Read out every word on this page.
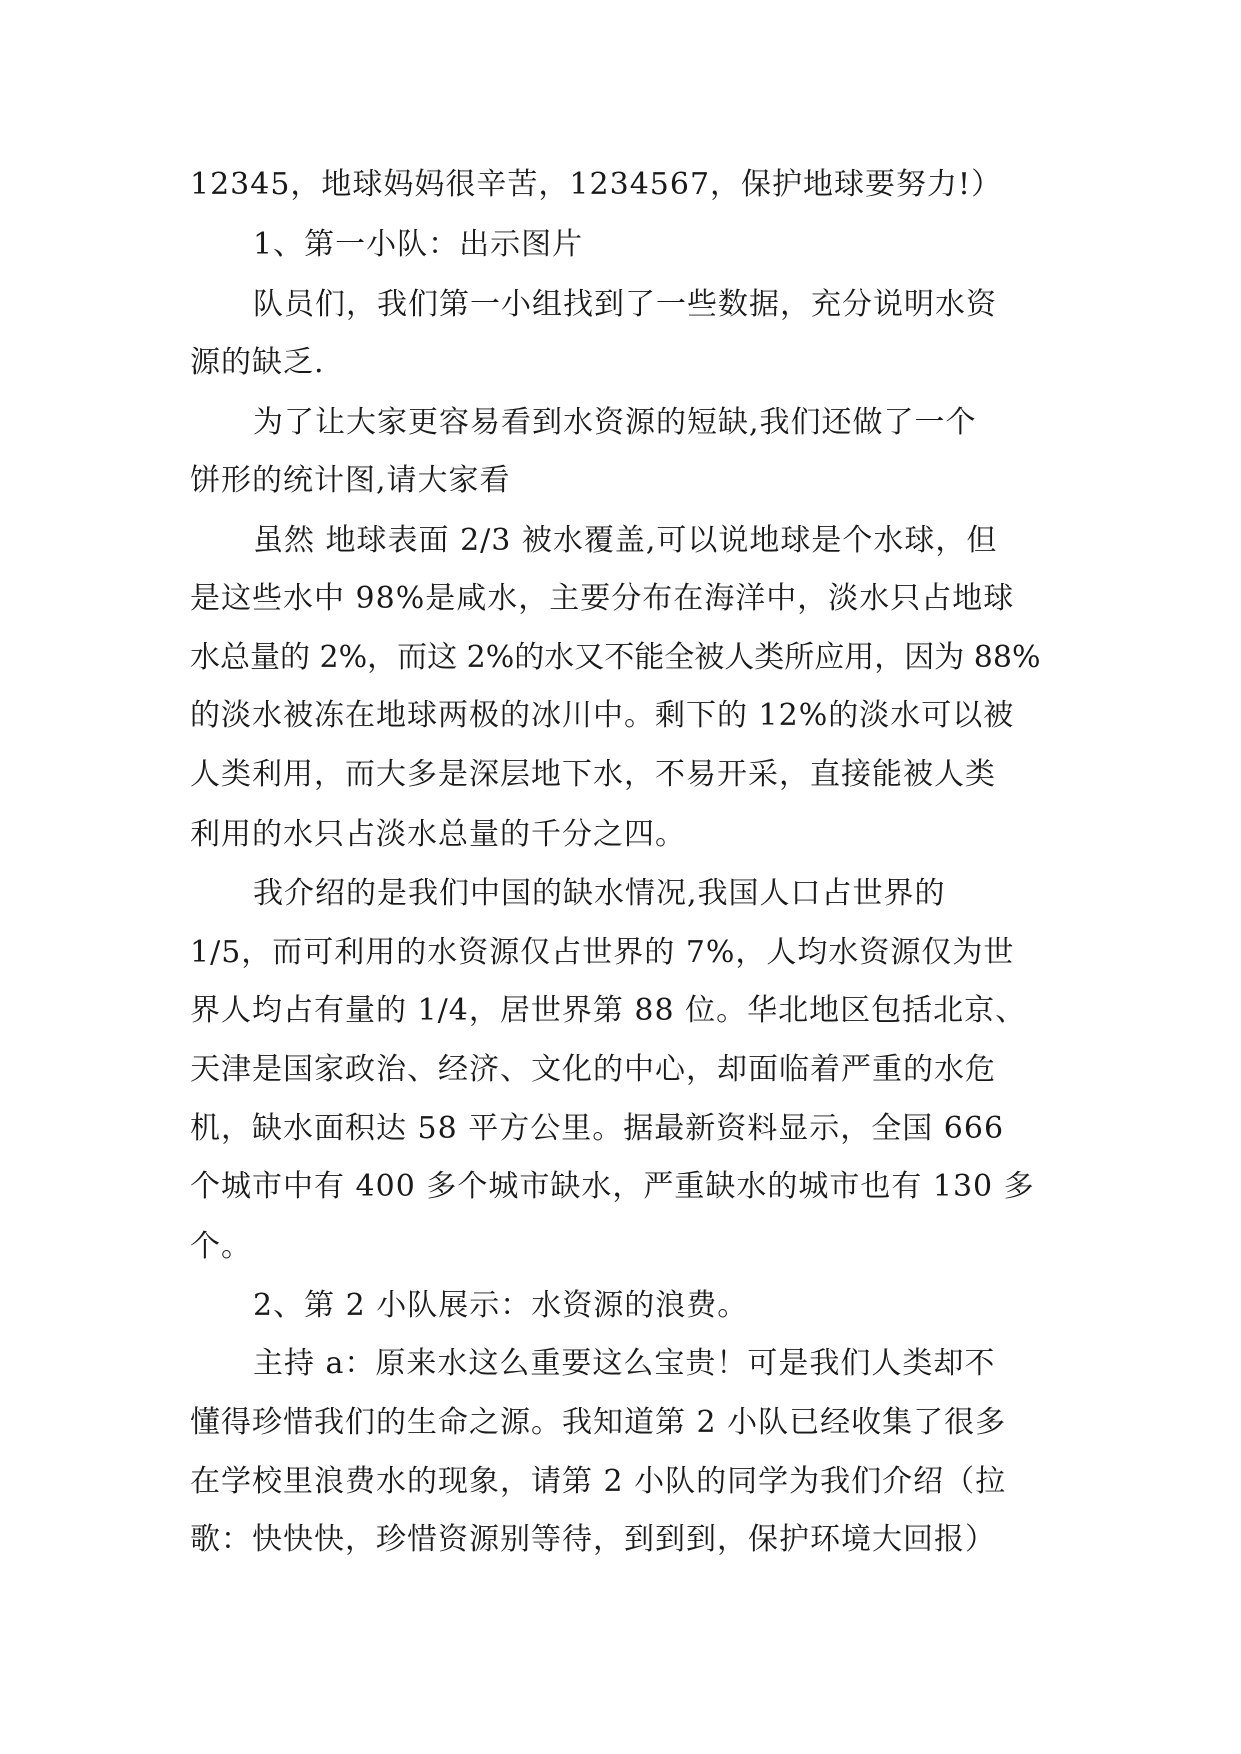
12345，地球妈妈很辛苦，1234567，保护地球要努力!）
1、第一小队：出示图片
队员们，我们第一小组找到了一些数据，充分说明水资
源的缺乏.
为了让大家更容易看到水资源的短缺,我们还做了一个
饼形的统计图,请大家看
虽然 地球表面 2/3 被水覆盖,可以说地球是个水球，但
是这些水中 98%是咸水，主要分布在海洋中，淡水只占地球
水总量的 2%，而这 2%的水又不能全被人类所应用，因为 88%
的淡水被冻在地球两极的冰川中。剩下的 12%的淡水可以被
人类利用，而大多是深层地下水，不易开采，直接能被人类
利用的水只占淡水总量的千分之四。
我介绍的是我们中国的缺水情况,我国人口占世界的
1/5，而可利用的水资源仅占世界的 7%，人均水资源仅为世
界人均占有量的 1/4，居世界第 88 位。华北地区包括北京、
天津是国家政治、经济、文化的中心，却面临着严重的水危
机，缺水面积达 58 平方公里。据最新资料显示，全国 666
个城市中有 400 多个城市缺水，严重缺水的城市也有 130 多
个。
2、第 2 小队展示：水资源的浪费。
主持 a：原来水这么重要这么宝贵！可是我们人类却不
懂得珍惜我们的生命之源。我知道第 2 小队已经收集了很多
在学校里浪费水的现象，请第 2 小队的同学为我们介绍（拉
歌：快快快，珍惜资源别等待，到到到，保护环境大回报）
